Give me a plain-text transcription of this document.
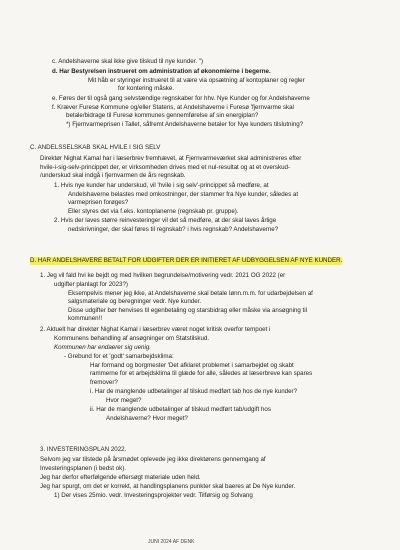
c. Andelshaverne skal ikke give tilskud til nye kunder. ")
d. Har Bestyrelsen instrueret om administration af økonomierne i begerne.
Mit håb er styringer instrueret til at være via opsætning af kontoplaner og regler
for kontering måske.
e. Føres der til også gang selvstændige regnskaber for hhv. Nye Kunder og for Andelshaverne
f. Kræver Furesø Kommune og/eller Statens, at Andelshaverne i Furesø 'fjernvarme skal
betale/bidrage til Furesø kommunes gennemførelse af sin energiplan?
*) Fjernvarmeprisen i Tallet, såfremt Andelshaverne betaler for Nye kunders tilslutning?
C. ANDELSSELSKAB SKAL HVILE I SIG SELV
Direktør Nighat Kamal har i læserbrev fremhævet, at Fjernvarmeværket skal administreres efter
hvile-i-sig-selv-princippet der, er virksomheden drives med et nul-resultat og at et overskud-
/underskud skal indgå i fjernvarmen de års regnskab.
1. Hvis nye kunder har underskud, vil 'hvile i sig selv'-princippet så medføre, at
Andelshaverne belastes med omkostninger, der stammer fra Nye kunder, således at
varmeprisen forøges?
Eller styres det via f.eks. kontoplanerne (regnskab pr. gruppe).
2. Hvis der laves større reinvesteringer vil det så medføre, at der skal laves årlige
nedskrivninger, der skal føres til regnskab? i hvis regnskab? Andelshaverne?
D. HAR ANDELSHAVERE BETALT FOR UDGIFTER DER ER INITIERET AF UDBYGGELSEN AF NYE KUNDER.
1. Jeg vil fald hvi ke bejdt og med hvilken begrundelse/motivering vedr. 2021 OG 2022 (er
udgifter planlagt for 2023?)
Eksempelvis mener jeg ikke, at Andelshaverne skal betale lønn.m.m. for udarbejdelsen af
salgsmateriale og beregninger vedr. Nye kunder.
Disse udgifter bør henvises til egenbetaling og starsbidrag eller måske via ansøgning til
kommunen!!
2. Aktuelt har direktør Nighat Kamal i læserbrev været noget kritisk overfor tempoet i
Kommunens behandling af ansøgninger om Statstilskud.
Kommunen har endaerer sig uenig.
- Grebund for et 'godt' samarbejdsklima:
Har formand og borgmester 'Det afklaret problemet i samarbejdet og skabt
rammerne for et arbejdsklima til glæde for alle, således at læserbreve kan spares
fremover?
i. Har de manglende udbetalinger af tilskud medført tab hos de nye kunder?
Hvor meget?
ii. Har de manglende udbetalinger af tilskud medført tab/udgift hos
Andelshaverne? Hvor meget?
3. INVESTERINGSPLAN 2022.
Selvom jeg var tilstede på årsmødet oplevede jeg ikke direktørens gennemgang af
Investeringsplanen (i bedst ok).
Jeg har derfor efterfølgende eftersøgt materiale uden held.
Jeg har spurgt, om det er korrekt, at handlingsplanens punkter skal baeres at De Nye kunder.
1) Der vises 25mio. vedr. Investeringsprojekter vedr. Tilførsig og Solvang
JUNI 2024 AF DENK
